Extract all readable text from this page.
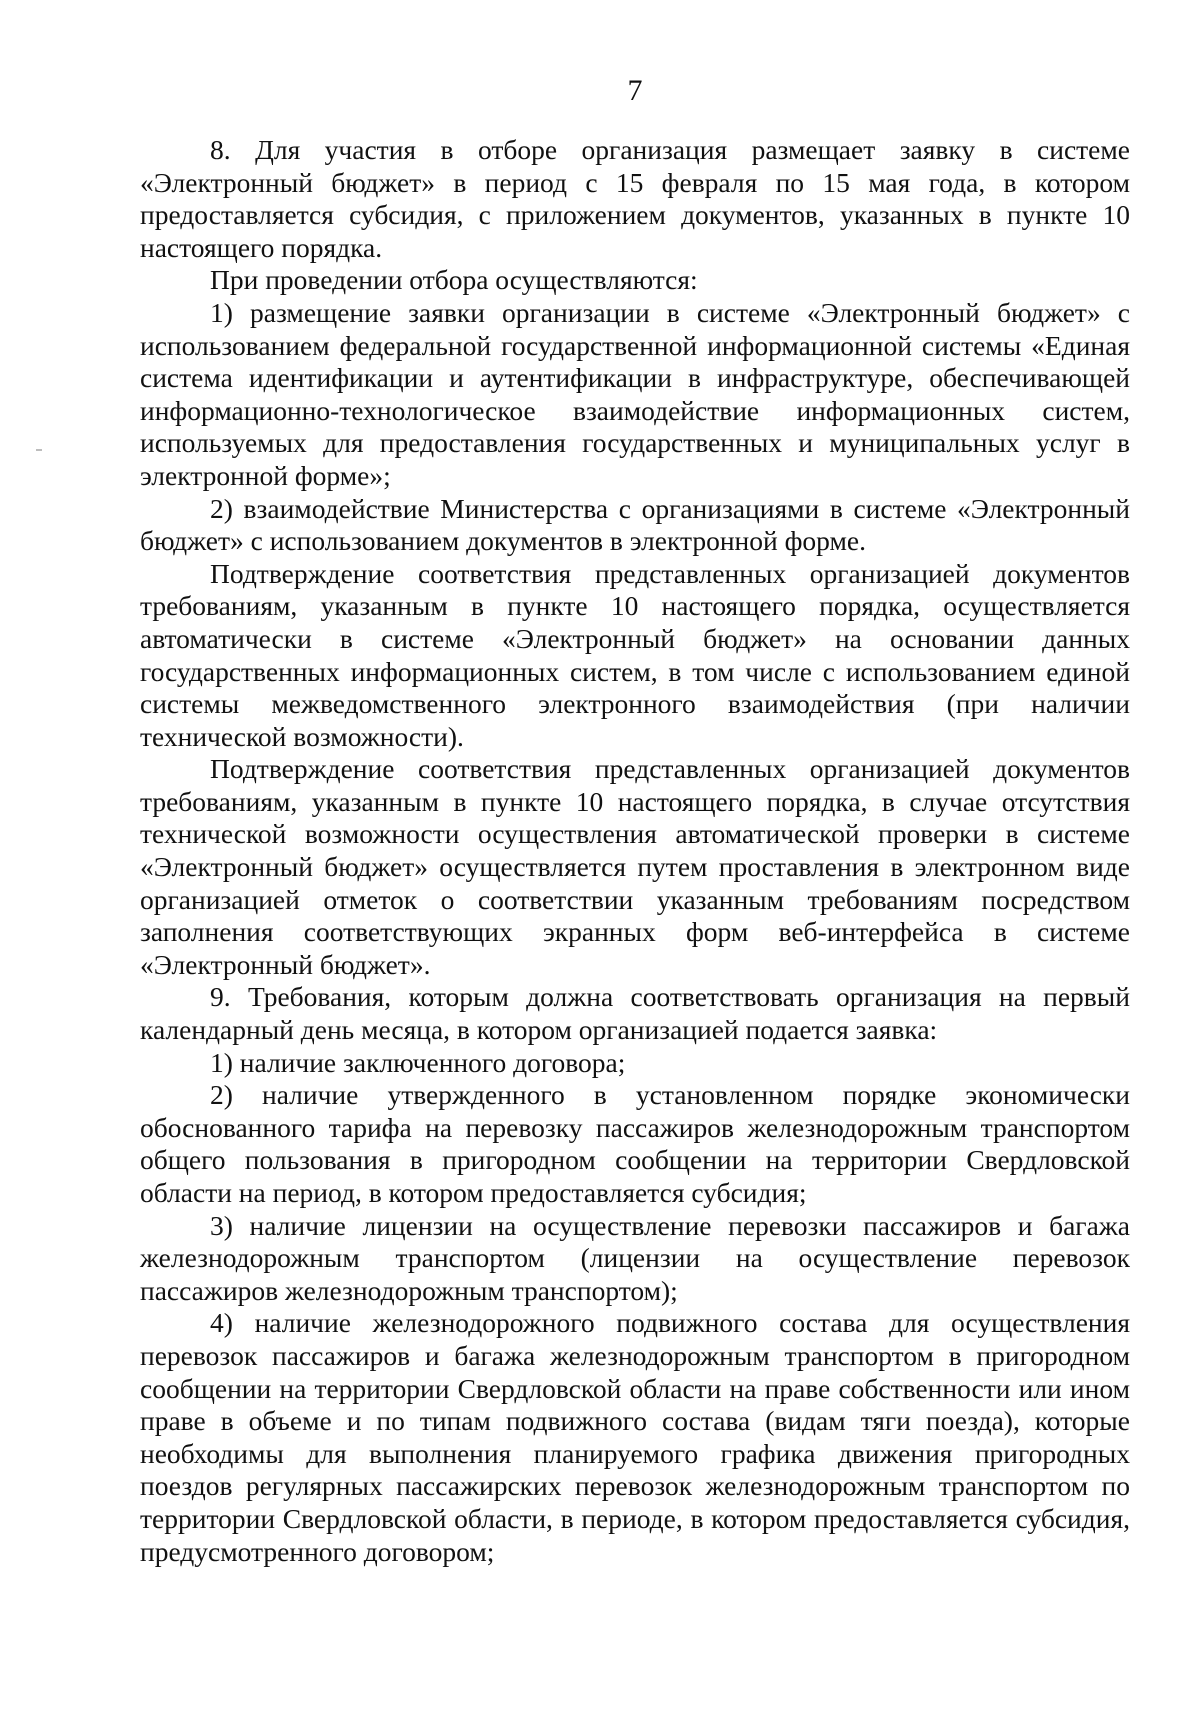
7

8. Для участия в отборе организация размещает заявку в системе «Электронный бюджет» в период с 15 февраля по 15 мая года, в котором предоставляется субсидия, с приложением документов, указанных в пункте 10 настоящего порядка.

При проведении отбора осуществляются:

1) размещение заявки организации в системе «Электронный бюджет» с использованием федеральной государственной информационной системы «Единая система идентификации и аутентификации в инфраструктуре, обеспечивающей информационно-технологическое взаимодействие информационных систем, используемых для предоставления государственных и муниципальных услуг в электронной форме»;

2) взаимодействие Министерства с организациями в системе «Электронный бюджет» с использованием документов в электронной форме.

Подтверждение соответствия представленных организацией документов требованиям, указанным в пункте 10 настоящего порядка, осуществляется автоматически в системе «Электронный бюджет» на основании данных государственных информационных систем, в том числе с использованием единой системы межведомственного электронного взаимодействия (при наличии технической возможности).

Подтверждение соответствия представленных организацией документов требованиям, указанным в пункте 10 настоящего порядка, в случае отсутствия технической возможности осуществления автоматической проверки в системе «Электронный бюджет» осуществляется путем проставления в электронном виде организацией отметок о соответствии указанным требованиям посредством заполнения соответствующих экранных форм веб-интерфейса в системе «Электронный бюджет».

9. Требования, которым должна соответствовать организация на первый календарный день месяца, в котором организацией подается заявка:

1) наличие заключенного договора;

2) наличие утвержденного в установленном порядке экономически обоснованного тарифа на перевозку пассажиров железнодорожным транспортом общего пользования в пригородном сообщении на территории Свердловской области на период, в котором предоставляется субсидия;

3) наличие лицензии на осуществление перевозки пассажиров и багажа железнодорожным транспортом (лицензии на осуществление перевозок пассажиров железнодорожным транспортом);

4) наличие железнодорожного подвижного состава для осуществления перевозок пассажиров и багажа железнодорожным транспортом в пригородном сообщении на территории Свердловской области на праве собственности или ином праве в объеме и по типам подвижного состава (видам тяги поезда), которые необходимы для выполнения планируемого графика движения пригородных поездов регулярных пассажирских перевозок железнодорожным транспортом по территории Свердловской области, в периоде, в котором предоставляется субсидия, предусмотренного договором;
